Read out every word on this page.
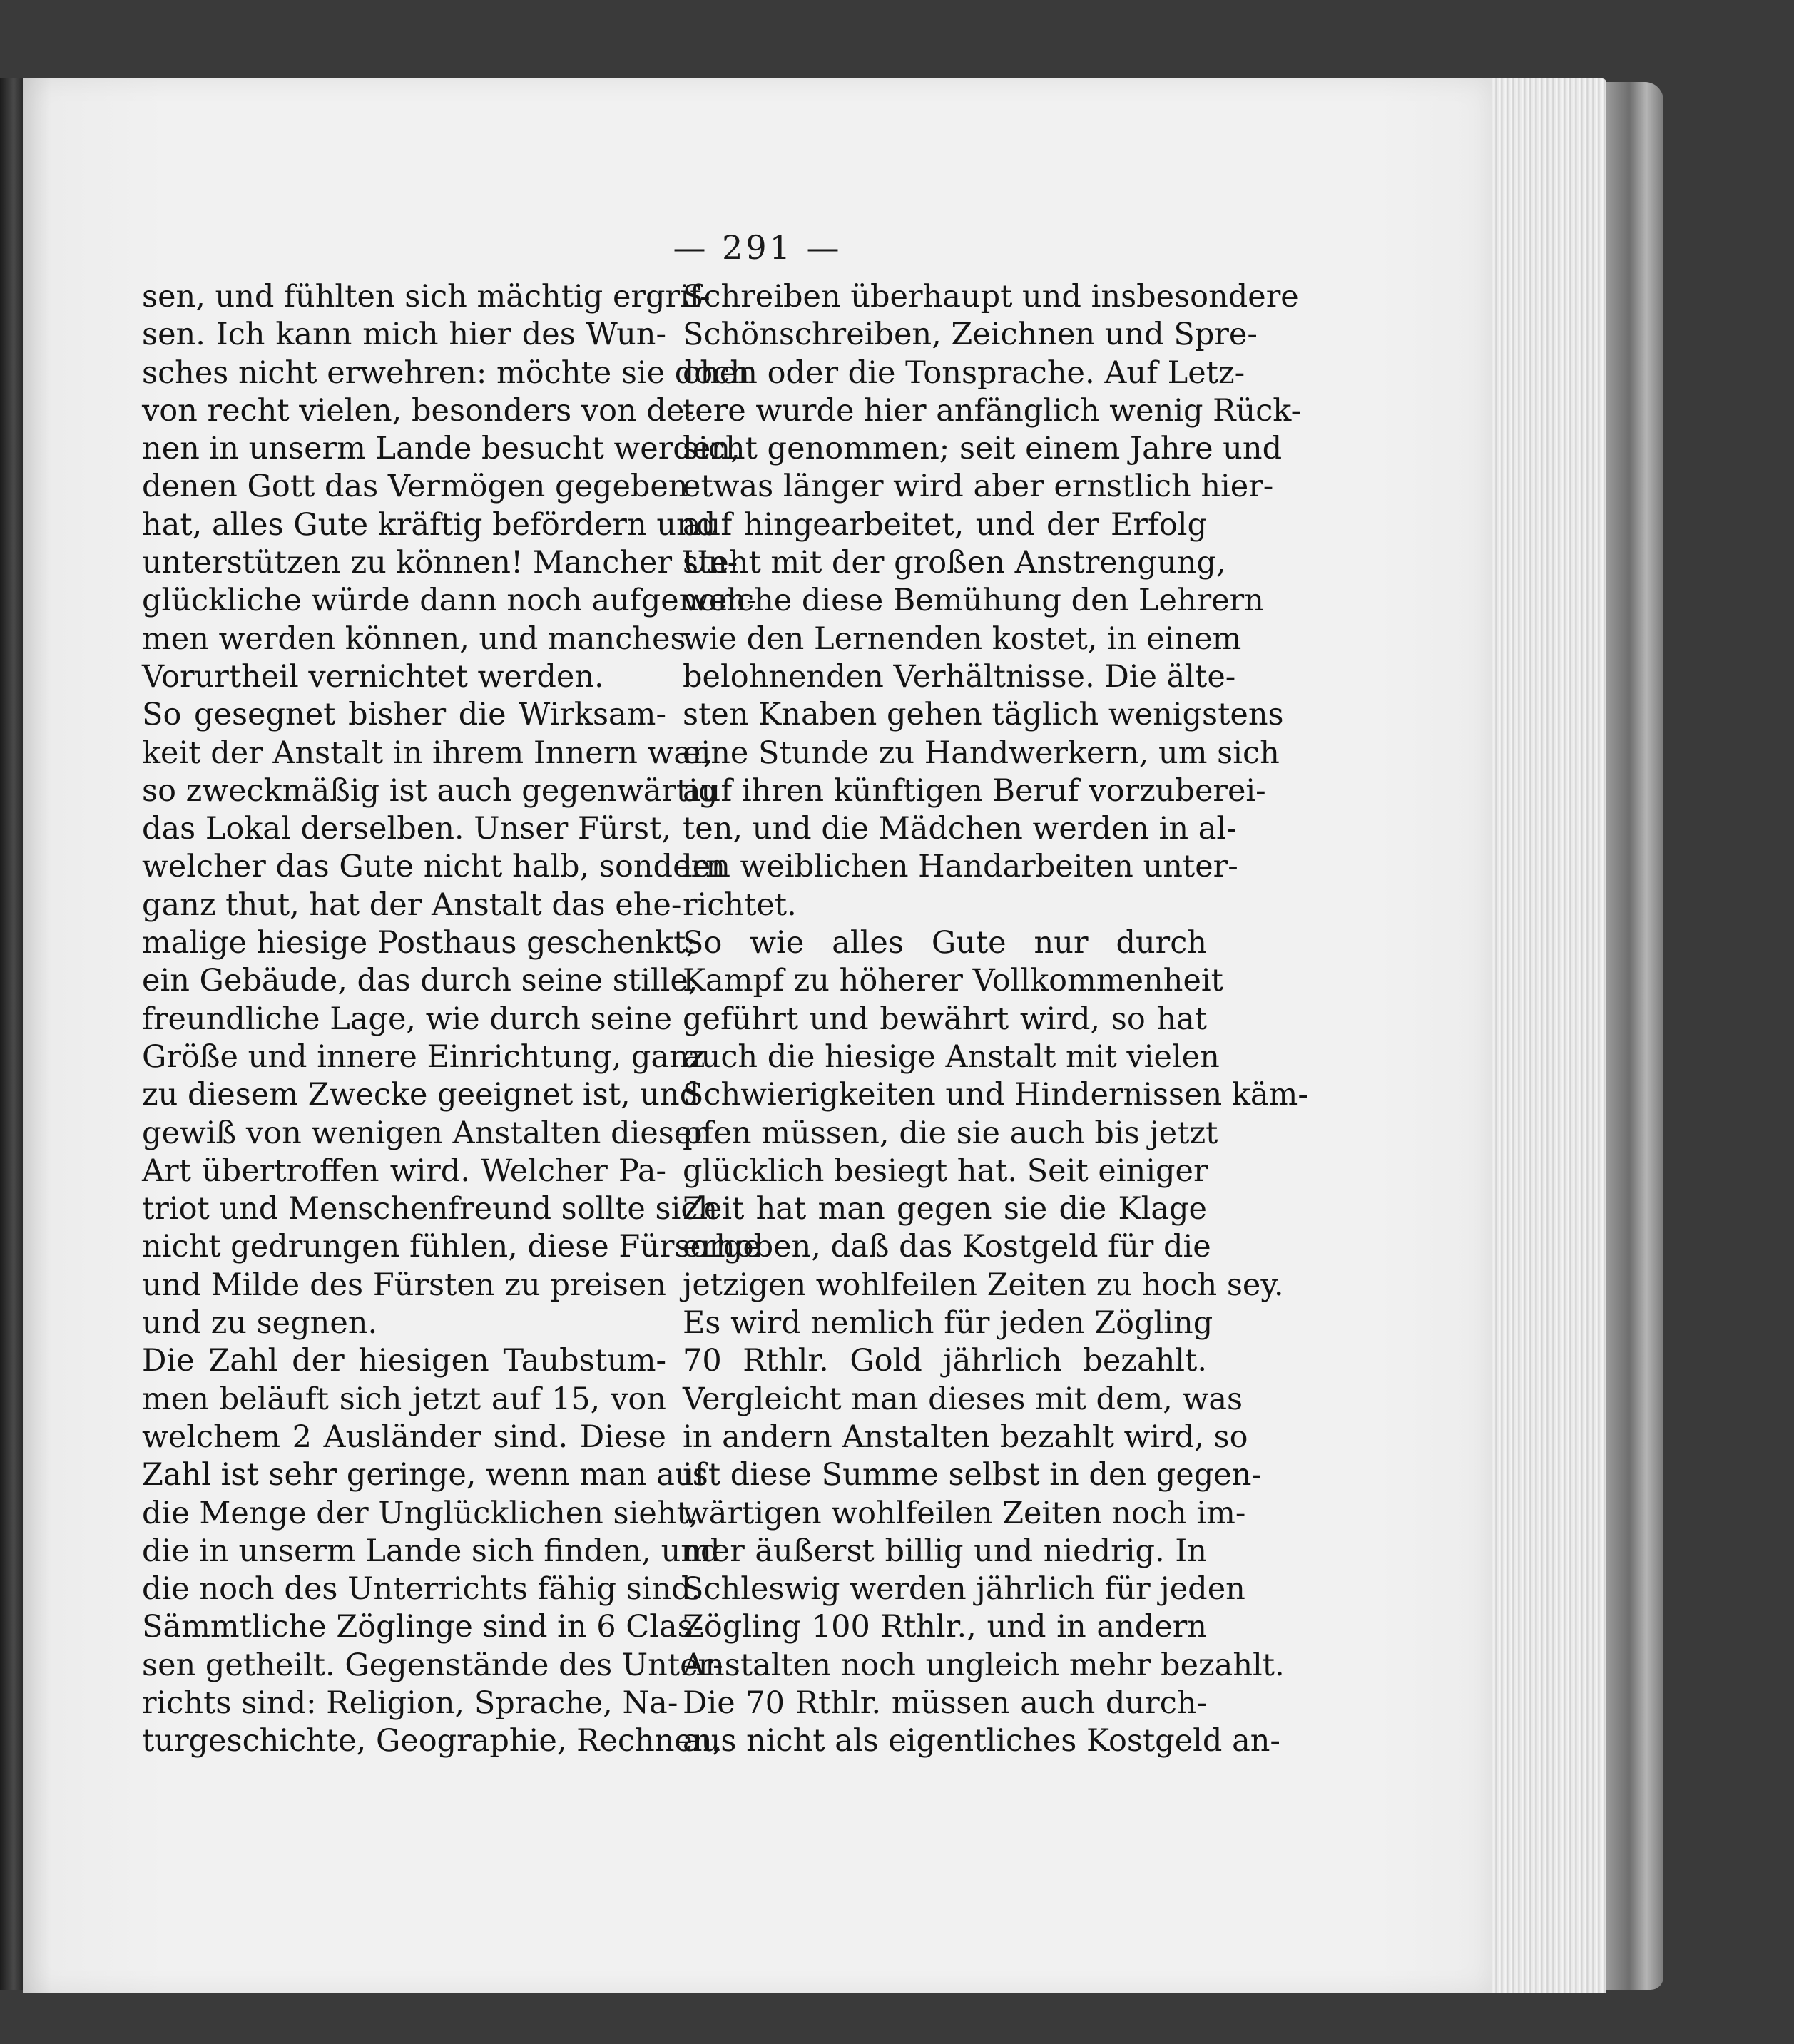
— 291 —
sen, und fühlten sich mächtig ergrif-
sen. Ich kann mich hier des Wun-
sches nicht erwehren: möchte sie doch
von recht vielen, besonders von de-
nen in unserm Lande besucht werden,
denen Gott das Vermögen gegeben
hat, alles Gute kräftig befördern und
unterstützen zu können! Mancher Un-
glückliche würde dann noch aufgenom-
men werden können, und manches
Vorurtheil vernichtet werden.
So gesegnet bisher die Wirksam-
keit der Anstalt in ihrem Innern war,
so zweckmäßig ist auch gegenwärtig
das Lokal derselben. Unser Fürst,
welcher das Gute nicht halb, sondern
ganz thut, hat der Anstalt das ehe-
malige hiesige Posthaus geschenkt;
ein Gebäude, das durch seine stille,
freundliche Lage, wie durch seine
Größe und innere Einrichtung, ganz
zu diesem Zwecke geeignet ist, und
gewiß von wenigen Anstalten dieser
Art übertroffen wird. Welcher Pa-
triot und Menschenfreund sollte sich
nicht gedrungen fühlen, diese Fürsorge
und Milde des Fürsten zu preisen
und zu segnen.
Die Zahl der hiesigen Taubstum-
men beläuft sich jetzt auf 15, von
welchem 2 Ausländer sind. Diese
Zahl ist sehr geringe, wenn man auf
die Menge der Unglücklichen sieht,
die in unserm Lande sich finden, und
die noch des Unterrichts fähig sind.
Sämmtliche Zöglinge sind in 6 Clas-
sen getheilt. Gegenstände des Unter-
richts sind: Religion, Sprache, Na-
turgeschichte, Geographie, Rechnen,
Schreiben überhaupt und insbesondere
Schönschreiben, Zeichnen und Spre-
chen oder die Tonsprache. Auf Letz-
tere wurde hier anfänglich wenig Rück-
sicht genommen; seit einem Jahre und
etwas länger wird aber ernstlich hier-
auf hingearbeitet, und der Erfolg
steht mit der großen Anstrengung,
welche diese Bemühung den Lehrern
wie den Lernenden kostet, in einem
belohnenden Verhältnisse. Die älte-
sten Knaben gehen täglich wenigstens
eine Stunde zu Handwerkern, um sich
auf ihren künftigen Beruf vorzuberei-
ten, und die Mädchen werden in al-
len weiblichen Handarbeiten unter-
richtet.
So wie alles Gute nur durch
Kampf zu höherer Vollkommenheit
geführt und bewährt wird, so hat
auch die hiesige Anstalt mit vielen
Schwierigkeiten und Hindernissen käm-
pfen müssen, die sie auch bis jetzt
glücklich besiegt hat. Seit einiger
Zeit hat man gegen sie die Klage
erhoben, daß das Kostgeld für die
jetzigen wohlfeilen Zeiten zu hoch sey.
Es wird nemlich für jeden Zögling
70 Rthlr. Gold jährlich bezahlt.
Vergleicht man dieses mit dem, was
in andern Anstalten bezahlt wird, so
ist diese Summe selbst in den gegen-
wärtigen wohlfeilen Zeiten noch im-
mer äußerst billig und niedrig. In
Schleswig werden jährlich für jeden
Zögling 100 Rthlr., und in andern
Anstalten noch ungleich mehr bezahlt.
Die 70 Rthlr. müssen auch durch-
aus nicht als eigentliches Kostgeld an-
